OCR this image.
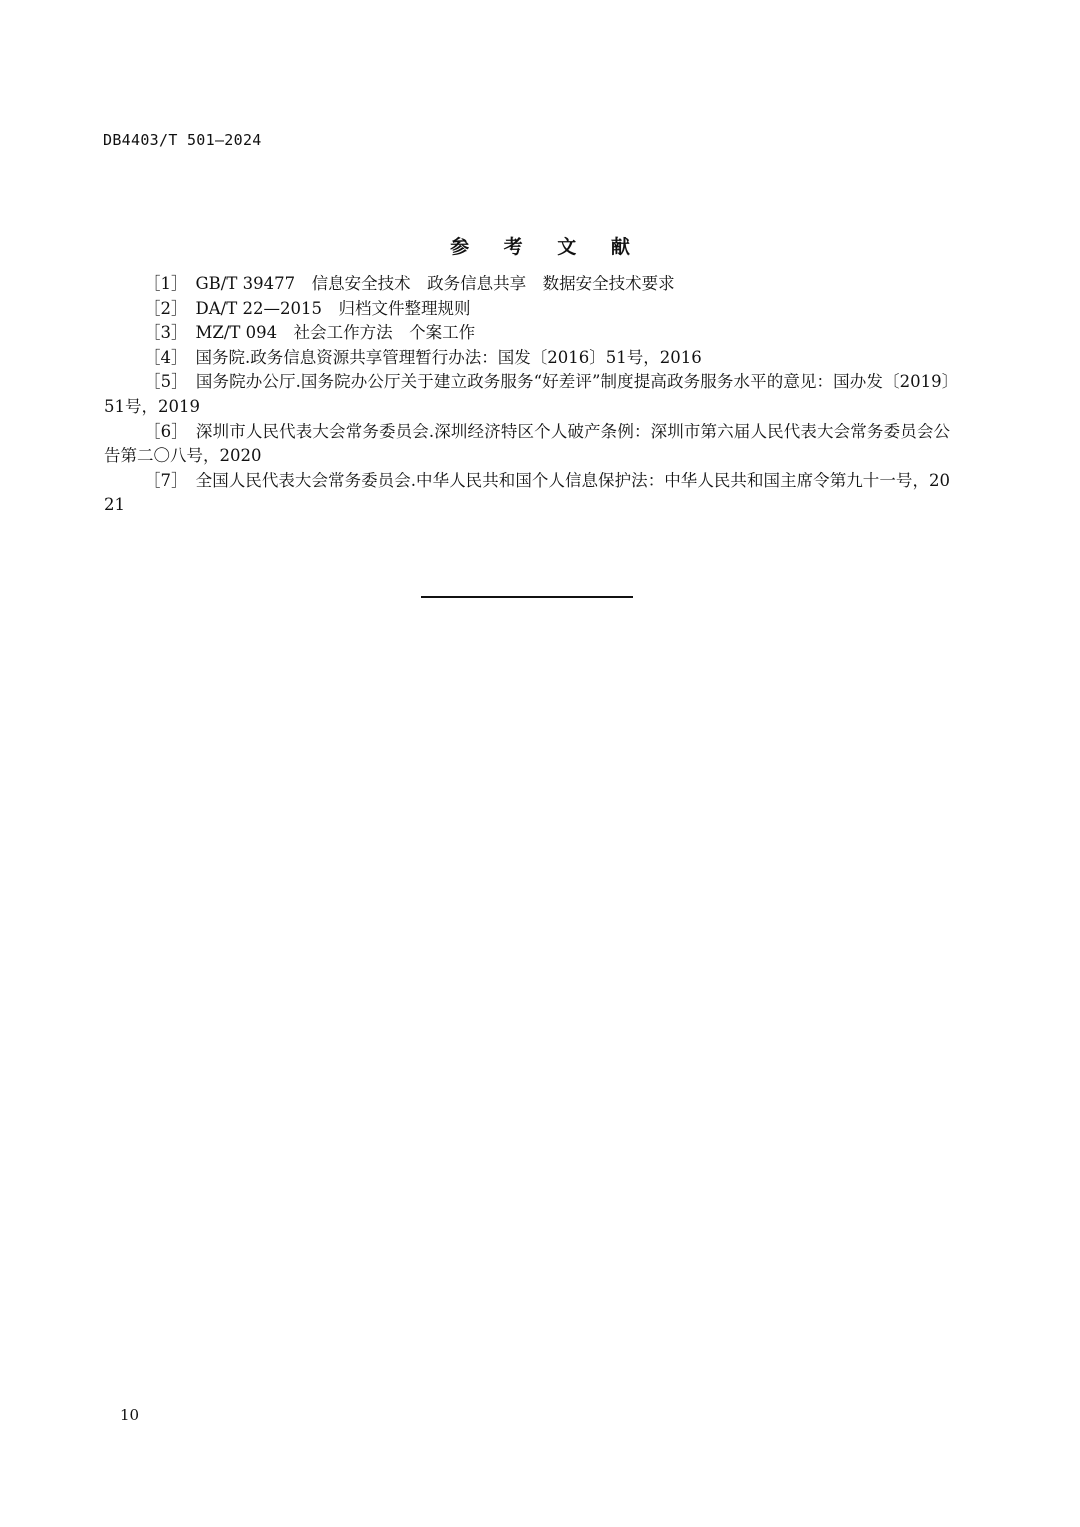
DB4403/T 501—2024
参 考 文 献
［1］ GB/T 39477　信息安全技术　政务信息共享　数据安全技术要求
［2］ DA/T 22—2015　归档文件整理规则
［3］ MZ/T 094　社会工作方法　个案工作
［4］ 国务院.政务信息资源共享管理暂行办法：国发〔2016〕51号，2016
［5］ 国务院办公厅.国务院办公厅关于建立政务服务“好差评”制度提高政务服务水平的意见：国办发〔2019〕51号，2019
［6］ 深圳市人民代表大会常务委员会.深圳经济特区个人破产条例：深圳市第六届人民代表大会常务委员会公告第二〇八号，2020
［7］ 全国人民代表大会常务委员会.中华人民共和国个人信息保护法：中华人民共和国主席令第九十一号，2021
10
